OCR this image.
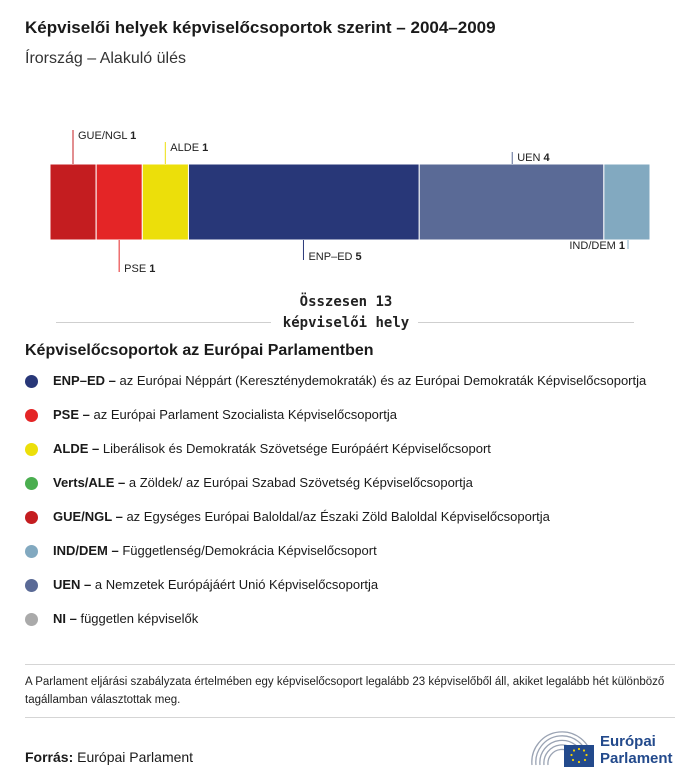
Képviselői helyek képviselőcsoportok szerint – 2004–2009
Írország – Alakuló ülés
GUE/NGL 1
PSE 1
ALDE 1
ENP–ED 5
UEN 4
IND/DEM 1
Összesen 13 képviselői hely
Képviselőcsoportok az Európai Parlamentben
ENP–ED – az Európai Néppárt (Kereszténydemokraták) és az Európai Demokraták Képviselőcsoportja
PSE – az Európai Parlament Szocialista Képviselőcsoportja
ALDE – Liberálisok és Demokraták Szövetsége Európáért Képviselőcsoport
Verts/ALE – a Zöldek/ az Európai Szabad Szövetség Képviselőcsoportja
GUE/NGL – az Egységes Európai Baloldal/az Északi Zöld Baloldal Képviselőcsoportja
IND/DEM – Függetlenség/Demokrácia Képviselőcsoport
UEN – a Nemzetek Európájáért Unió Képviselőcsoportja
NI – független képviselők
A Parlament eljárási szabályzata értelmében egy képviselőcsoport legalább 23 képviselőből áll, akiket legalább hét különböző tagállamban választottak meg.
Forrás: Európai Parlament
Európai
Parlament
